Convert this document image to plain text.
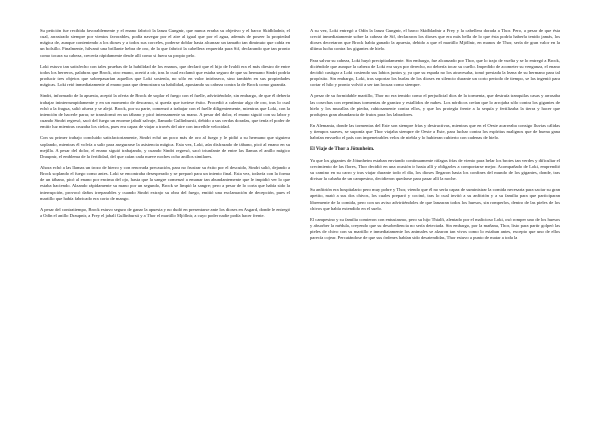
Su petición fue recibida favorablemente y el enano fabricó la lanza Gungnir, que nunca erraba su objetivo y el barco Skidbladnir, el cual, arrastrado siempre por vientos favorables, podía navegar por el aire al igual que por el agua, además de poseer la propiedad mágica de, aunque conteniendo a los dioses y a todos sus corceles, poderse doblar hasta alcanzar un tamaño tan diminuto que cabía en un bolsillo. Finalmente, hilvanó una brillante hebra de oro, de la que fabricó la cabellera requerida para Sif, declarando que tan pronto como tocara su cabeza, crecería rápidamente desde allí como si fuera su propio pelo.

Loki estuvo tan satisfecho con tales pruebas de la habilidad de los enanos, que declaró que el hijo de Ivaldi era el más diestro de entre todos los herreros, palabras que Brock, otro enano, acertó a oír, tras lo cual exclamó que estaba seguro de que su hermano Sindri podría producir tres objetos que sobrepasarían aquellos que Loki sostenía, no sólo en valor intrínseco, sino también en sus propiedades mágicas. Loki retó inmediatamente al enano para que demostrara su habilidad, apostando su cabeza contra la de Brock como garantía.

Sindri, informado de la apuesta, aceptó la oferta de Brock de soplar el fuego con el fuelle, advirtiéndole, sin embargo, de que él debería trabajar ininterrumpidamente y en un momento de descanso, si quería que tuviese éxito. Procedió a calentar algo de oro, tras lo cual echó a la fragua, salió afuera y se alejó. Brock, por su parte, comenzó a trabajar con el fuelle diligentemente, mientras que Loki, con la intención de hacerle parar, se transformó en un tábano y picó intensamente su mano. A pesar del dolor, el enano siguió con su labor y cuando Sindri regresó, sacó del fuego un enorme jabalí salvaje, llamado Gullinbursti, debido a sus cerdas doradas, que tenía el poder de emitir luz mientras cruzaba los cielos, pues era capaz de viajar a través del aire con increíble velocidad.

Con su primer trabajo concluido satisfactoriamente, Sindri echó un poco más de oro al fuego y le pidió a su hermano que siguiera soplando, mientras él volvía a salir para asegurarse la asistencia mágica. Esta vez, Loki, aún disfrazado de tábano, picó al enano en su mejilla. A pesar del dolor, el enano siguió trabajando, y cuando Sindri regresó, sacó triunfante de entre las llamas el anillo mágico Draupnir, el emblema de la fertilidad, del que caían cada nueve noches ocho anillos similares.

Ahora echó a las llamas un trozo de hierro y con renovada precaución, para no frustrar su éxito por el descuido, Sindri salió, dejando a Brock soplando el fuego como antes. Loki se encontraba desesperado y se preparó para un intento final. Esta vez, todavía con la forma de un tábano, picó al enano por encima del ojo, hasta que la sangre comenzó a emanar tan abundantemente que le impidió ver lo que estaba haciendo. Alzando rápidamente su mano por un segundo, Brock se limpió la sangre; pero a pesar de lo corta que había sido la interrupción, provocó daños irreparables y cuando Sindri extrajo su obra del fuego, emitió una exclamación de decepción, pues el martillo que había fabricado era corto de mango.

A pesar del contratiempo, Brock estuvo seguro de ganar la apuesta y no dudó en presentarse ante los dioses en Asgard, donde le entregó a Odín el anillo Draupnir, a Frey el jabalí Gullinbursti y a Thor el martillo Mjöllnir, a cuyo poder nadie podía hacer frente.

A su vez, Loki entregó a Odín la lanza Gungnir, el barco Skidbladnir a Frey y la cabellera dorada a Thor. Pero, a pesar de que ésta creció inmediatamente sobre la cabeza de Sif, declararon los dioses que era más bella de lo que ésta podría haberla tenido jamás, los dioses decretaron que Brock había ganado la apuesta, debido a que el martillo Mjöllnir, en manos de Thor, sería de gran valor en la última lucha contra los gigantes de hielo.

Para salvar su cabeza, Loki huyó precipitadamente. Sin embargo, fue alcanzado por Thor, que lo trajo de vuelta y se lo entregó a Brock, diciéndole que aunque la cabeza de Loki era suya por derecho, no debería tocar su cuello. Impedido de acometer su venganza, el enano decidió castigar a Loki cosiendo sus labios juntos y, ya que su espada no los atravesaba, tomó prestada la lezna de su hermano para tal propósito. Sin embargo, Loki, tras soportar los burlas de los dioses en silencio durante un corto periodo de tiempo, se las ingenió para cortar el hilo y pronto volvió a ser tan locuaz como siempre.

A pesar de su formidable martillo, Thor no era temido como el perjudicial dios de la tormenta, que destruía tranquilas casas y arrasaba las cosechas con repentinas tormentas de granizo y estallidos de nubes. Los nórdicos creían que lo arrojaba sólo contra los gigantes de hielo y los murallas de piedra, rabiosamente contra ellos, y que los protegía frente a la sequía y fertilizaba la tierra y hacer que produjera gran abundancia de frutos para los labradores.

En Alemania, donde las tormentas del Este son siempre frías y destructivas, mientras que en el Oeste acarreaba consigo lluvias cálidas y tiempos suaves, se suponía que Thor viajaba siempre de Oeste a Este, para luchar contra los espíritus malignos que de buena gana habrían envuelto el país con impenetrables velos de niebla y lo hubieran cubierto con cadenas de hielo.

El Viaje de Thor a Jötunheim.

Ya que los gigantes de Jötunheim estaban enviando continuamente ráfagas frías de viento para helar los brotes tan verdes y dificultar el crecimiento de las flores, Thor decidió en una ocasión ir hasta allí y obligarles a comportarse mejor. Acompañado de Loki, emprendió su camino en su carro y tras viajar durante todo el día, los dioses llegaron hasta los confines del mundo de los gigantes, donde, tras divisar la cabaña de un campesino, decidieron quedarse para pasar allí la noche.

Su anfitrión era hospitalario pero muy pobre y Thor, viendo que él no sería capaz de suministrar la comida necesaria para saciar su gran apetito, mató a sus dos chivos, los cuales preparó y cocinó, tras lo cual invitó a su anfitrión y a su familia para que participaran libremente de la comida, pero con un aviso advirtiéndoles de que lanzaran todos los huesos, sin romperlos, dentro de las pieles de los chivos que había extendido en el suelo.

El campesino y su familia comieron con entusiasmo, pero su hijo Thialfi, alentado por el malicioso Loki, osó romper uno de los huesos y absorber la médula, creyendo que su desobediencia no sería detectada. Sin embargo, por la mañana, Thor, listo para partir golpeó las pieles de chivo con su martillo e inmediatamente los animales se alzaron tan vivos como lo estaban antes, excepto que uno de ellos parecía cojear. Percatándose de que sus órdenes habían sido desatendidas, Thor estuvo a punto de matar a toda la
